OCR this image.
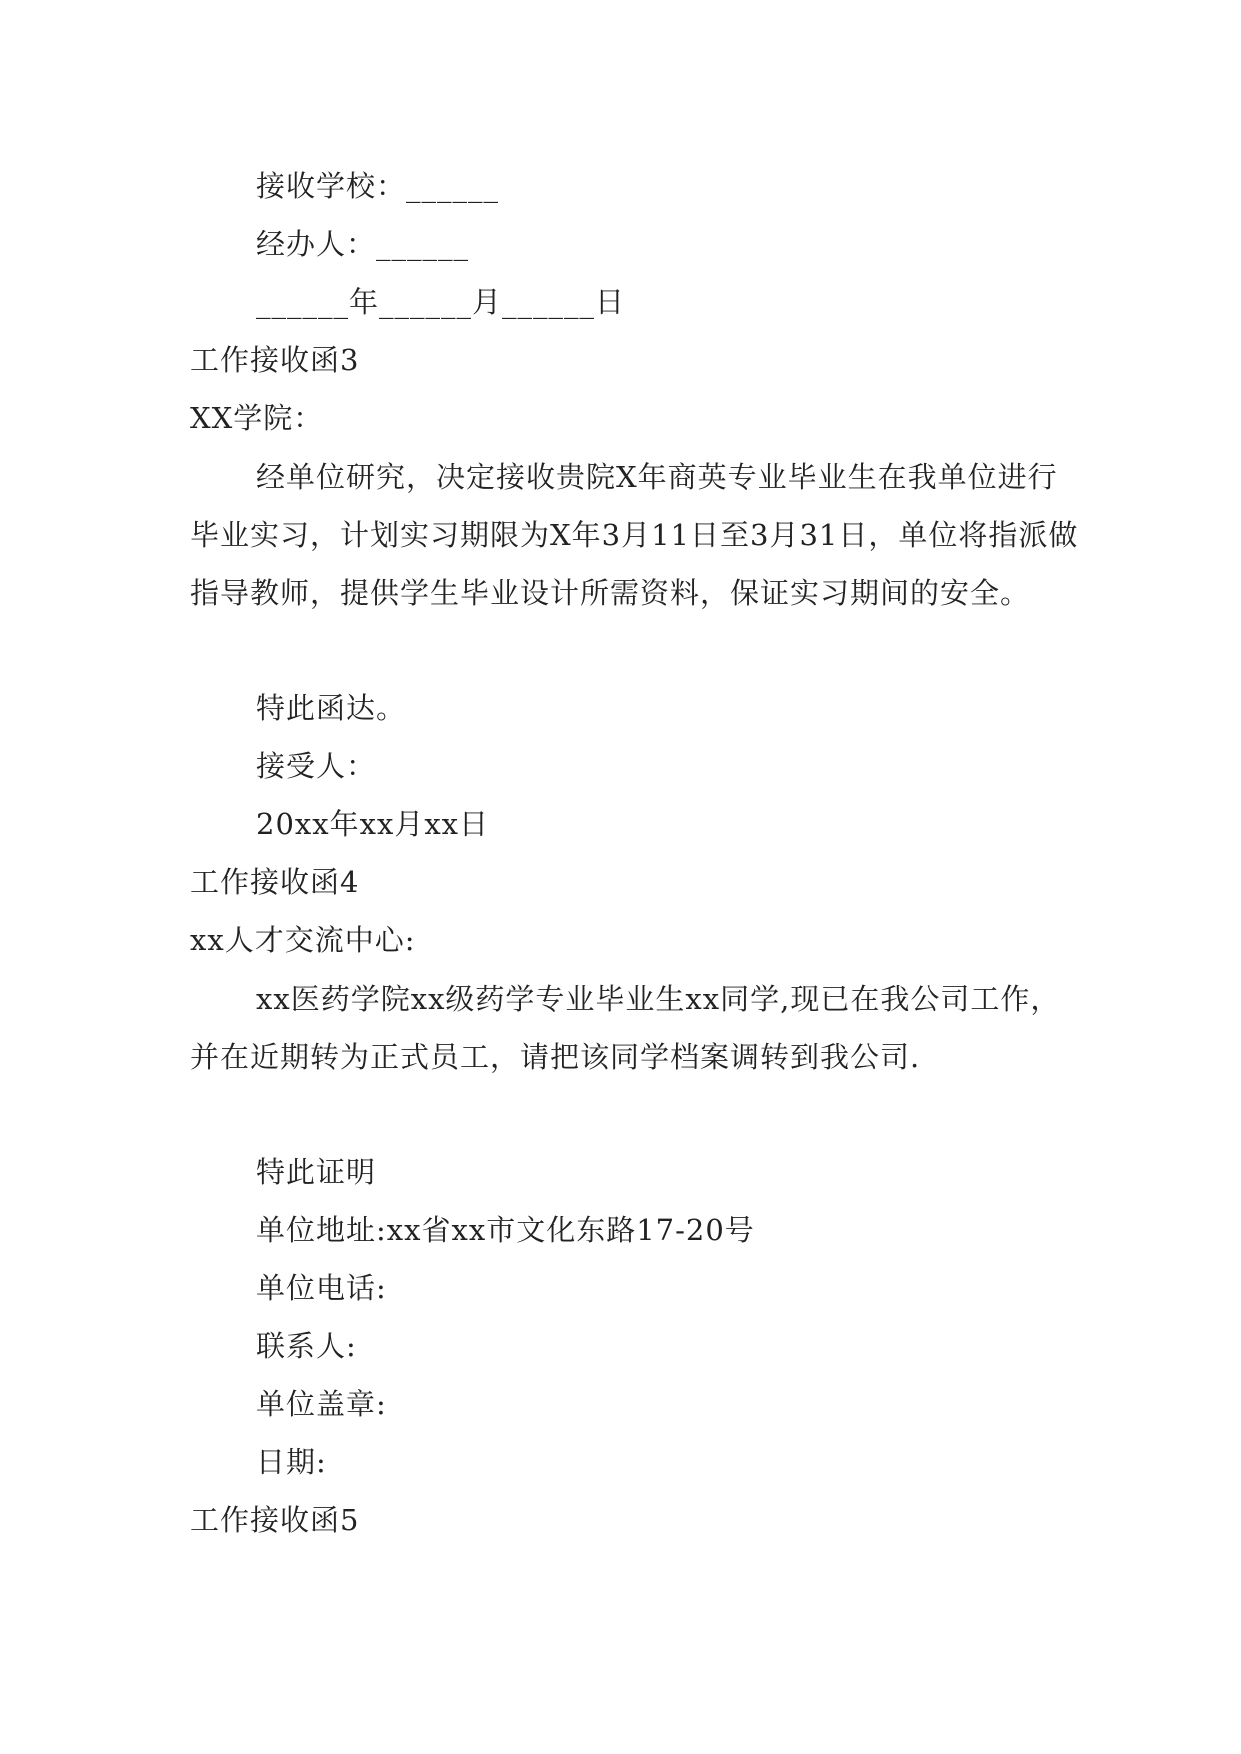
接收学校：______
经办人：______
______年______月______日
工作接收函3
XX学院：

经单位研究，决定接收贵院X年商英专业毕业生在我单位进行毕业实习，计划实习期限为X年3月11日至3月31日，单位将指派做指导教师，提供学生毕业设计所需资料，保证实习期间的安全。

特此函达。
接受人：
20xx年xx月xx日
工作接收函4
xx人才交流中心:

xx医药学院xx级药学专业毕业生xx同学,现已在我公司工作，并在近期转为正式员工，请把该同学档案调转到我公司.

特此证明
单位地址:xx省xx市文化东路17-20号
单位电话:
联系人:
单位盖章:
日期:
工作接收函5
